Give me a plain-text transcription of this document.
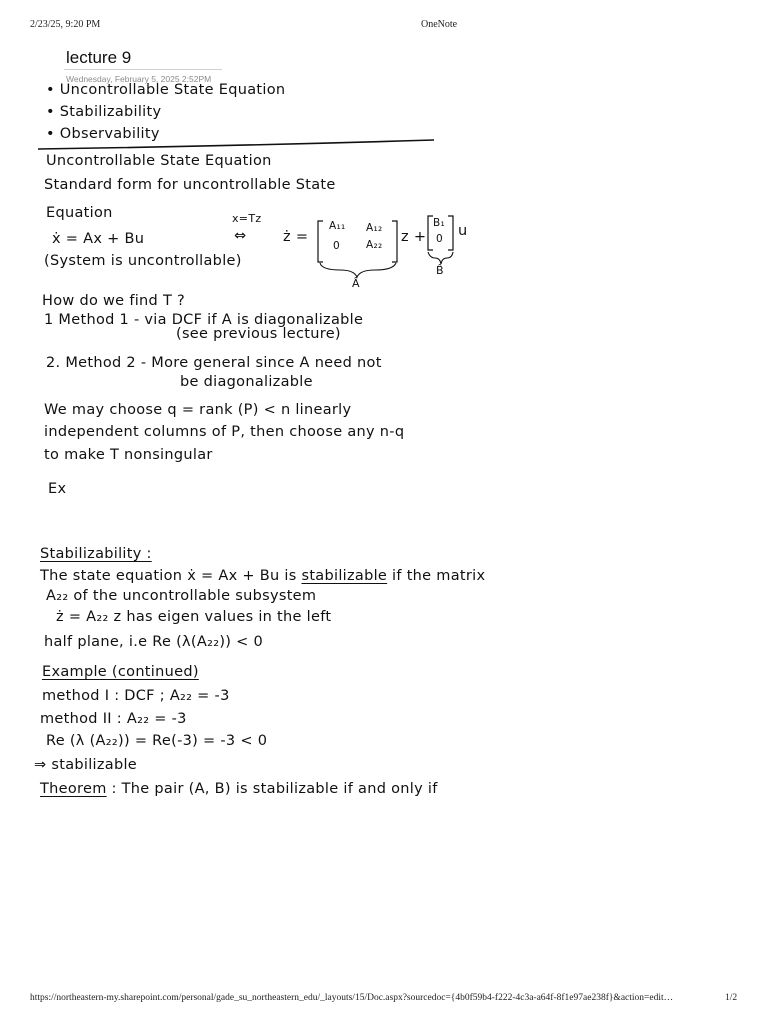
2/23/25, 9:20 PM	OneNote
lecture 9
Wednesday, February 5, 2025 2:52PM
• Uncontrollable State Equation
• Stabilizability
• Observability
Uncontrollable State Equation
Standard form for uncontrollable State
Equation
ẋ = Ax + Bu
(System is uncontrollable)
x=Tz
⇔	ż =
A₁₁ A₁₂
0 A₂₂ z +
B₁
0 u
Â
B̂
How do we find T ?
1 Method 1 - via DCF if A is diagonalizable
(see previous lecture)
2. Method 2 - More general since A need not
be diagonalizable
We may choose q = rank (P) < n linearly
independent columns of P, then choose any n-q
to make T nonsingular
Ex
Stabilizability :
The state equation ẋ = Ax + Bu is stabilizable if the matrix
A₂₂ of the uncontrollable subsystem
ż = A₂₂ z has eigen values in the left
half plane, i.e Re (λ(A₂₂)) < 0
Example (continued)
method I : DCF ; A₂₂ = -3
method II : A₂₂ = -3
Re (λ (A₂₂)) = Re(-3) = -3 < 0
⇒ stabilizable
Theorem : The pair (A, B) is stabilizable if and only if
https://northeastern-my.sharepoint.com/personal/gade_su_northeastern_edu/_layouts/15/Doc.aspx?sourcedoc={4b0f59b4-f222-4c3a-a64f-8f1e97ae238f}&action=edit…	1/2
